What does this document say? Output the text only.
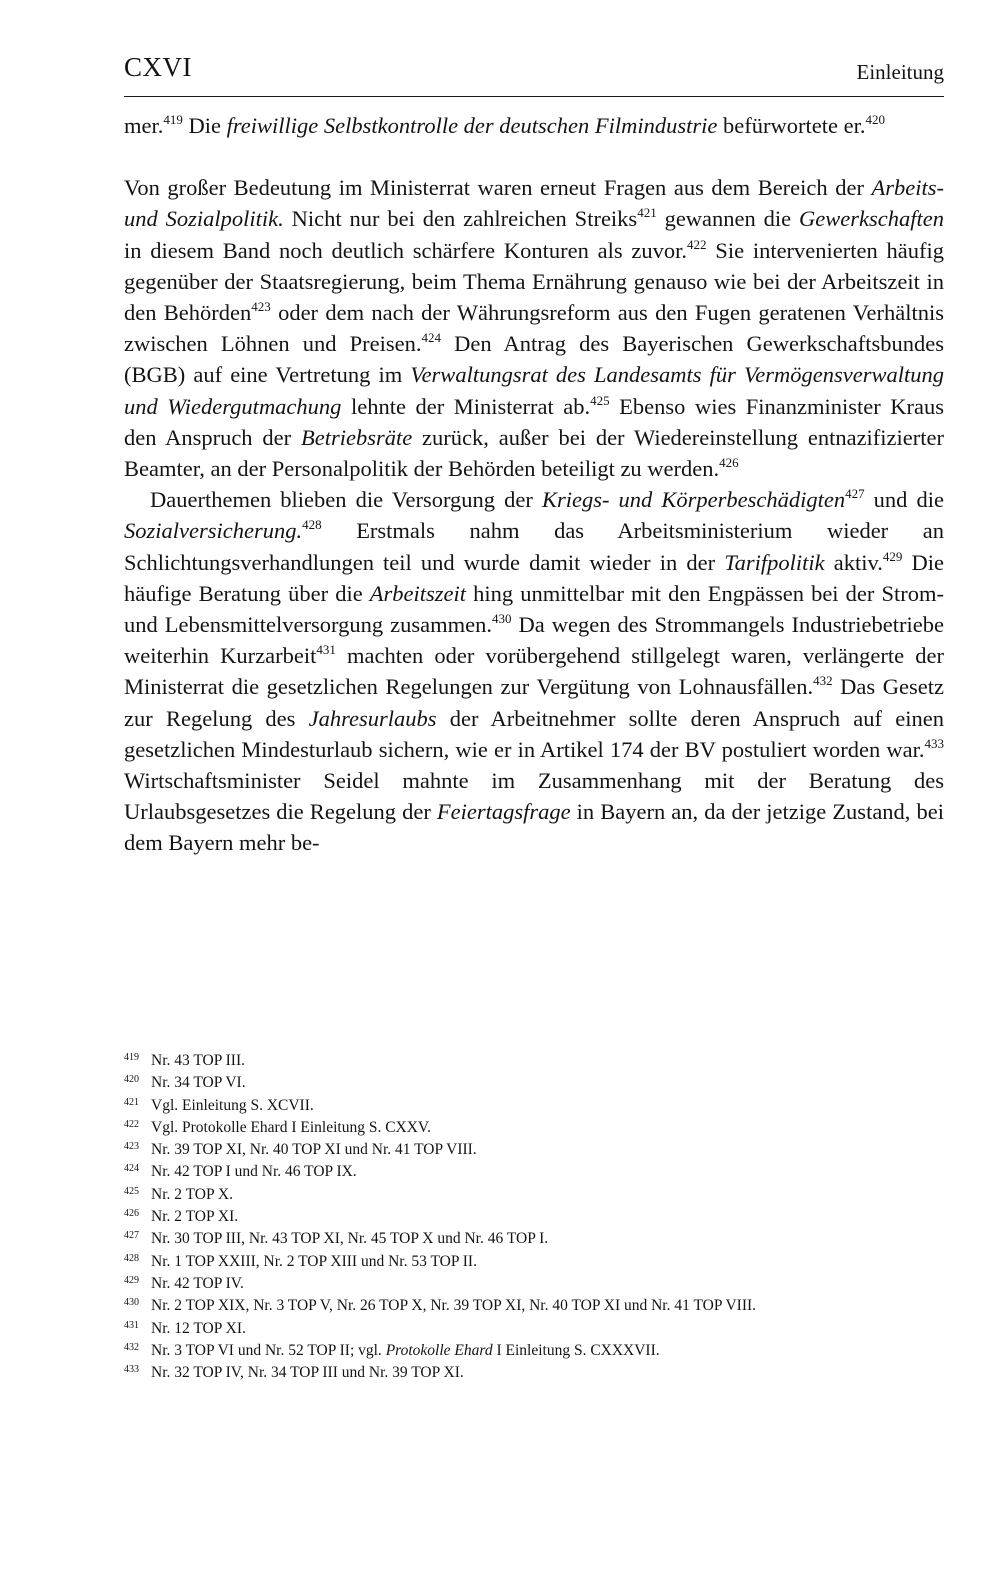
CXVI	Einleitung

mer.$^{419}$ Die freiwillige Selbstkontrolle der deutschen Filmindustrie befürwortete er.$^{420}$

Von großer Bedeutung im Ministerrat waren erneut Fragen aus dem Bereich der Arbeits- und Sozialpolitik. Nicht nur bei den zahlreichen Streiks$^{421}$ gewannen die Gewerkschaften in diesem Band noch deutlich schärfere Konturen als zuvor.$^{422}$ Sie intervenierten häufig gegenüber der Staatsregierung, beim Thema Ernährung genauso wie bei der Arbeitszeit in den Behörden$^{423}$ oder dem nach der Währungsreform aus den Fugen geratenen Verhältnis zwischen Löhnen und Preisen.$^{424}$ Den Antrag des Bayerischen Gewerkschaftsbundes (BGB) auf eine Vertretung im Verwaltungsrat des Landesamts für Vermögensverwaltung und Wiedergutmachung lehnte der Ministerrat ab.$^{425}$ Ebenso wies Finanzminister Kraus den Anspruch der Betriebsräte zurück, außer bei der Wiedereinstellung entnazifizierter Beamter, an der Personalpolitik der Behörden beteiligt zu werden.$^{426}$

Dauerthemen blieben die Versorgung der Kriegs- und Körperbeschädigten$^{427}$ und die Sozialversicherung.$^{428}$ Erstmals nahm das Arbeitsministerium wieder an Schlichtungsverhandlungen teil und wurde damit wieder in der Tarifpolitik aktiv.$^{429}$ Die häufige Beratung über die Arbeitszeit hing unmittelbar mit den Engpässen bei der Strom- und Lebensmittelversorgung zusammen.$^{430}$ Da wegen des Strommangels Industriebetriebe weiterhin Kurzarbeit$^{431}$ machten oder vorübergehend stillgelegt waren, verlängerte der Ministerrat die gesetzlichen Regelungen zur Vergütung von Lohnausfällen.$^{432}$ Das Gesetz zur Regelung des Jahresurlaubs der Arbeitnehmer sollte deren Anspruch auf einen gesetzlichen Mindesturlaub sichern, wie er in Artikel 174 der BV postuliert worden war.$^{433}$ Wirtschaftsminister Seidel mahnte im Zusammenhang mit der Beratung des Urlaubsgesetzes die Regelung der Feiertagsfrage in Bayern an, da der jetzige Zustand, bei dem Bayern mehr be-

419 Nr. 43 TOP III.
420 Nr. 34 TOP VI.
421 Vgl. Einleitung S. XCVII.
422 Vgl. Protokolle Ehard I Einleitung S. CXXV.
423 Nr. 39 TOP XI, Nr. 40 TOP XI und Nr. 41 TOP VIII.
424 Nr. 42 TOP I und Nr. 46 TOP IX.
425 Nr. 2 TOP X.
426 Nr. 2 TOP XI.
427 Nr. 30 TOP III, Nr. 43 TOP XI, Nr. 45 TOP X und Nr. 46 TOP I.
428 Nr. 1 TOP XXIII, Nr. 2 TOP XIII und Nr. 53 TOP II.
429 Nr. 42 TOP IV.
430 Nr. 2 TOP XIX, Nr. 3 TOP V, Nr. 26 TOP X, Nr. 39 TOP XI, Nr. 40 TOP XI und Nr. 41 TOP VIII.
431 Nr. 12 TOP XI.
432 Nr. 3 TOP VI und Nr. 52 TOP II; vgl. Protokolle Ehard I Einleitung S. CXXXVII.
433 Nr. 32 TOP IV, Nr. 34 TOP III und Nr. 39 TOP XI.
